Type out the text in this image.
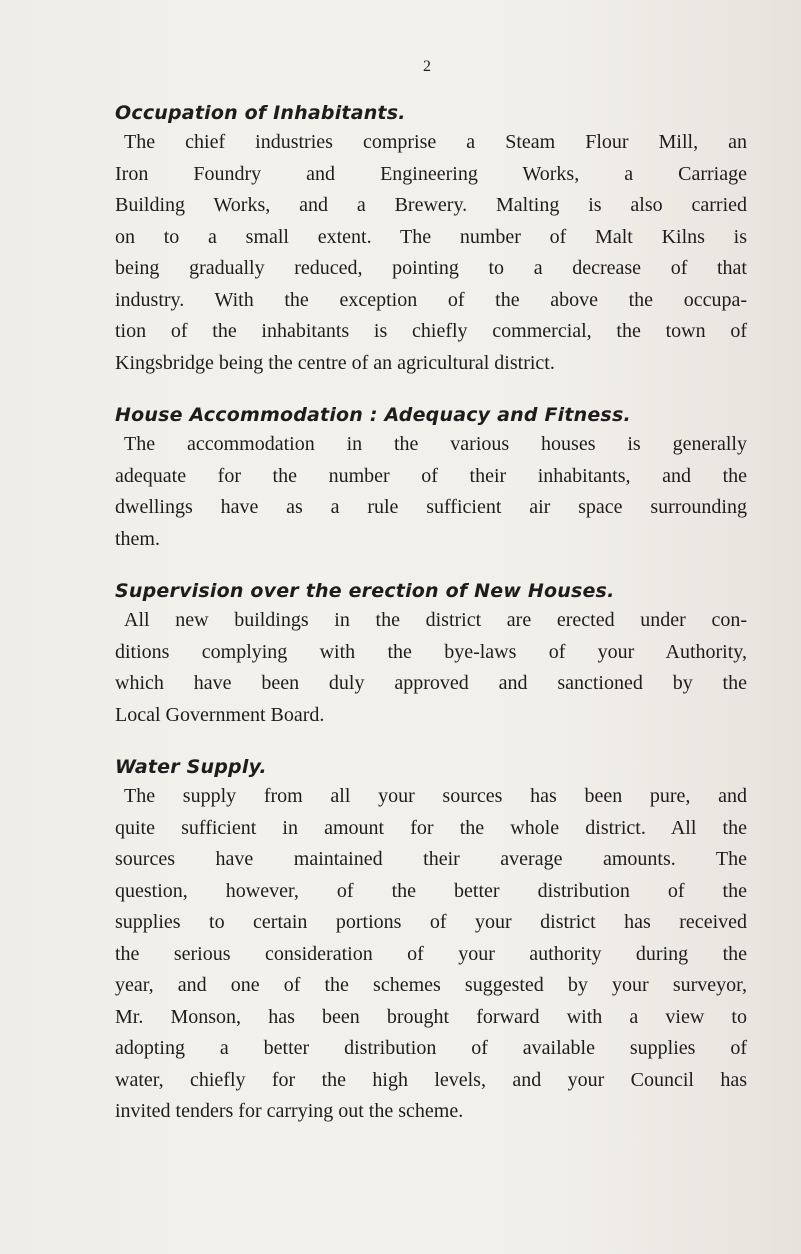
2
Occupation of Inhabitants.

The chief industries comprise a Steam Flour Mill, an
Iron Foundry and Engineering Works, a Carriage
Building Works, and a Brewery. Malting is also carried
on to a small extent. The number of Malt Kilns is
being gradually reduced, pointing to a decrease of that
industry. With the exception of the above the occupa-
tion of the inhabitants is chiefly commercial, the town of
Kingsbridge being the centre of an agricultural district.

House Accommodation : Adequacy and Fitness.

The accommodation in the various houses is generally
adequate for the number of their inhabitants, and the
dwellings have as a rule sufficient air space surrounding
them.

Supervision over the erection of New Houses.

All new buildings in the district are erected under con-
ditions complying with the bye-laws of your Authority,
which have been duly approved and sanctioned by the
Local Government Board.

Water Supply.

The supply from all your sources has been pure, and
quite sufficient in amount for the whole district. All the
sources have maintained their average amounts. The
question, however, of the better distribution of the
supplies to certain portions of your district has received
the serious consideration of your authority during the
year, and one of the schemes suggested by your surveyor,
Mr. Monson, has been brought forward with a view to
adopting a better distribution of available supplies of
water, chiefly for the high levels, and your Council has
invited tenders for carrying out the scheme.
